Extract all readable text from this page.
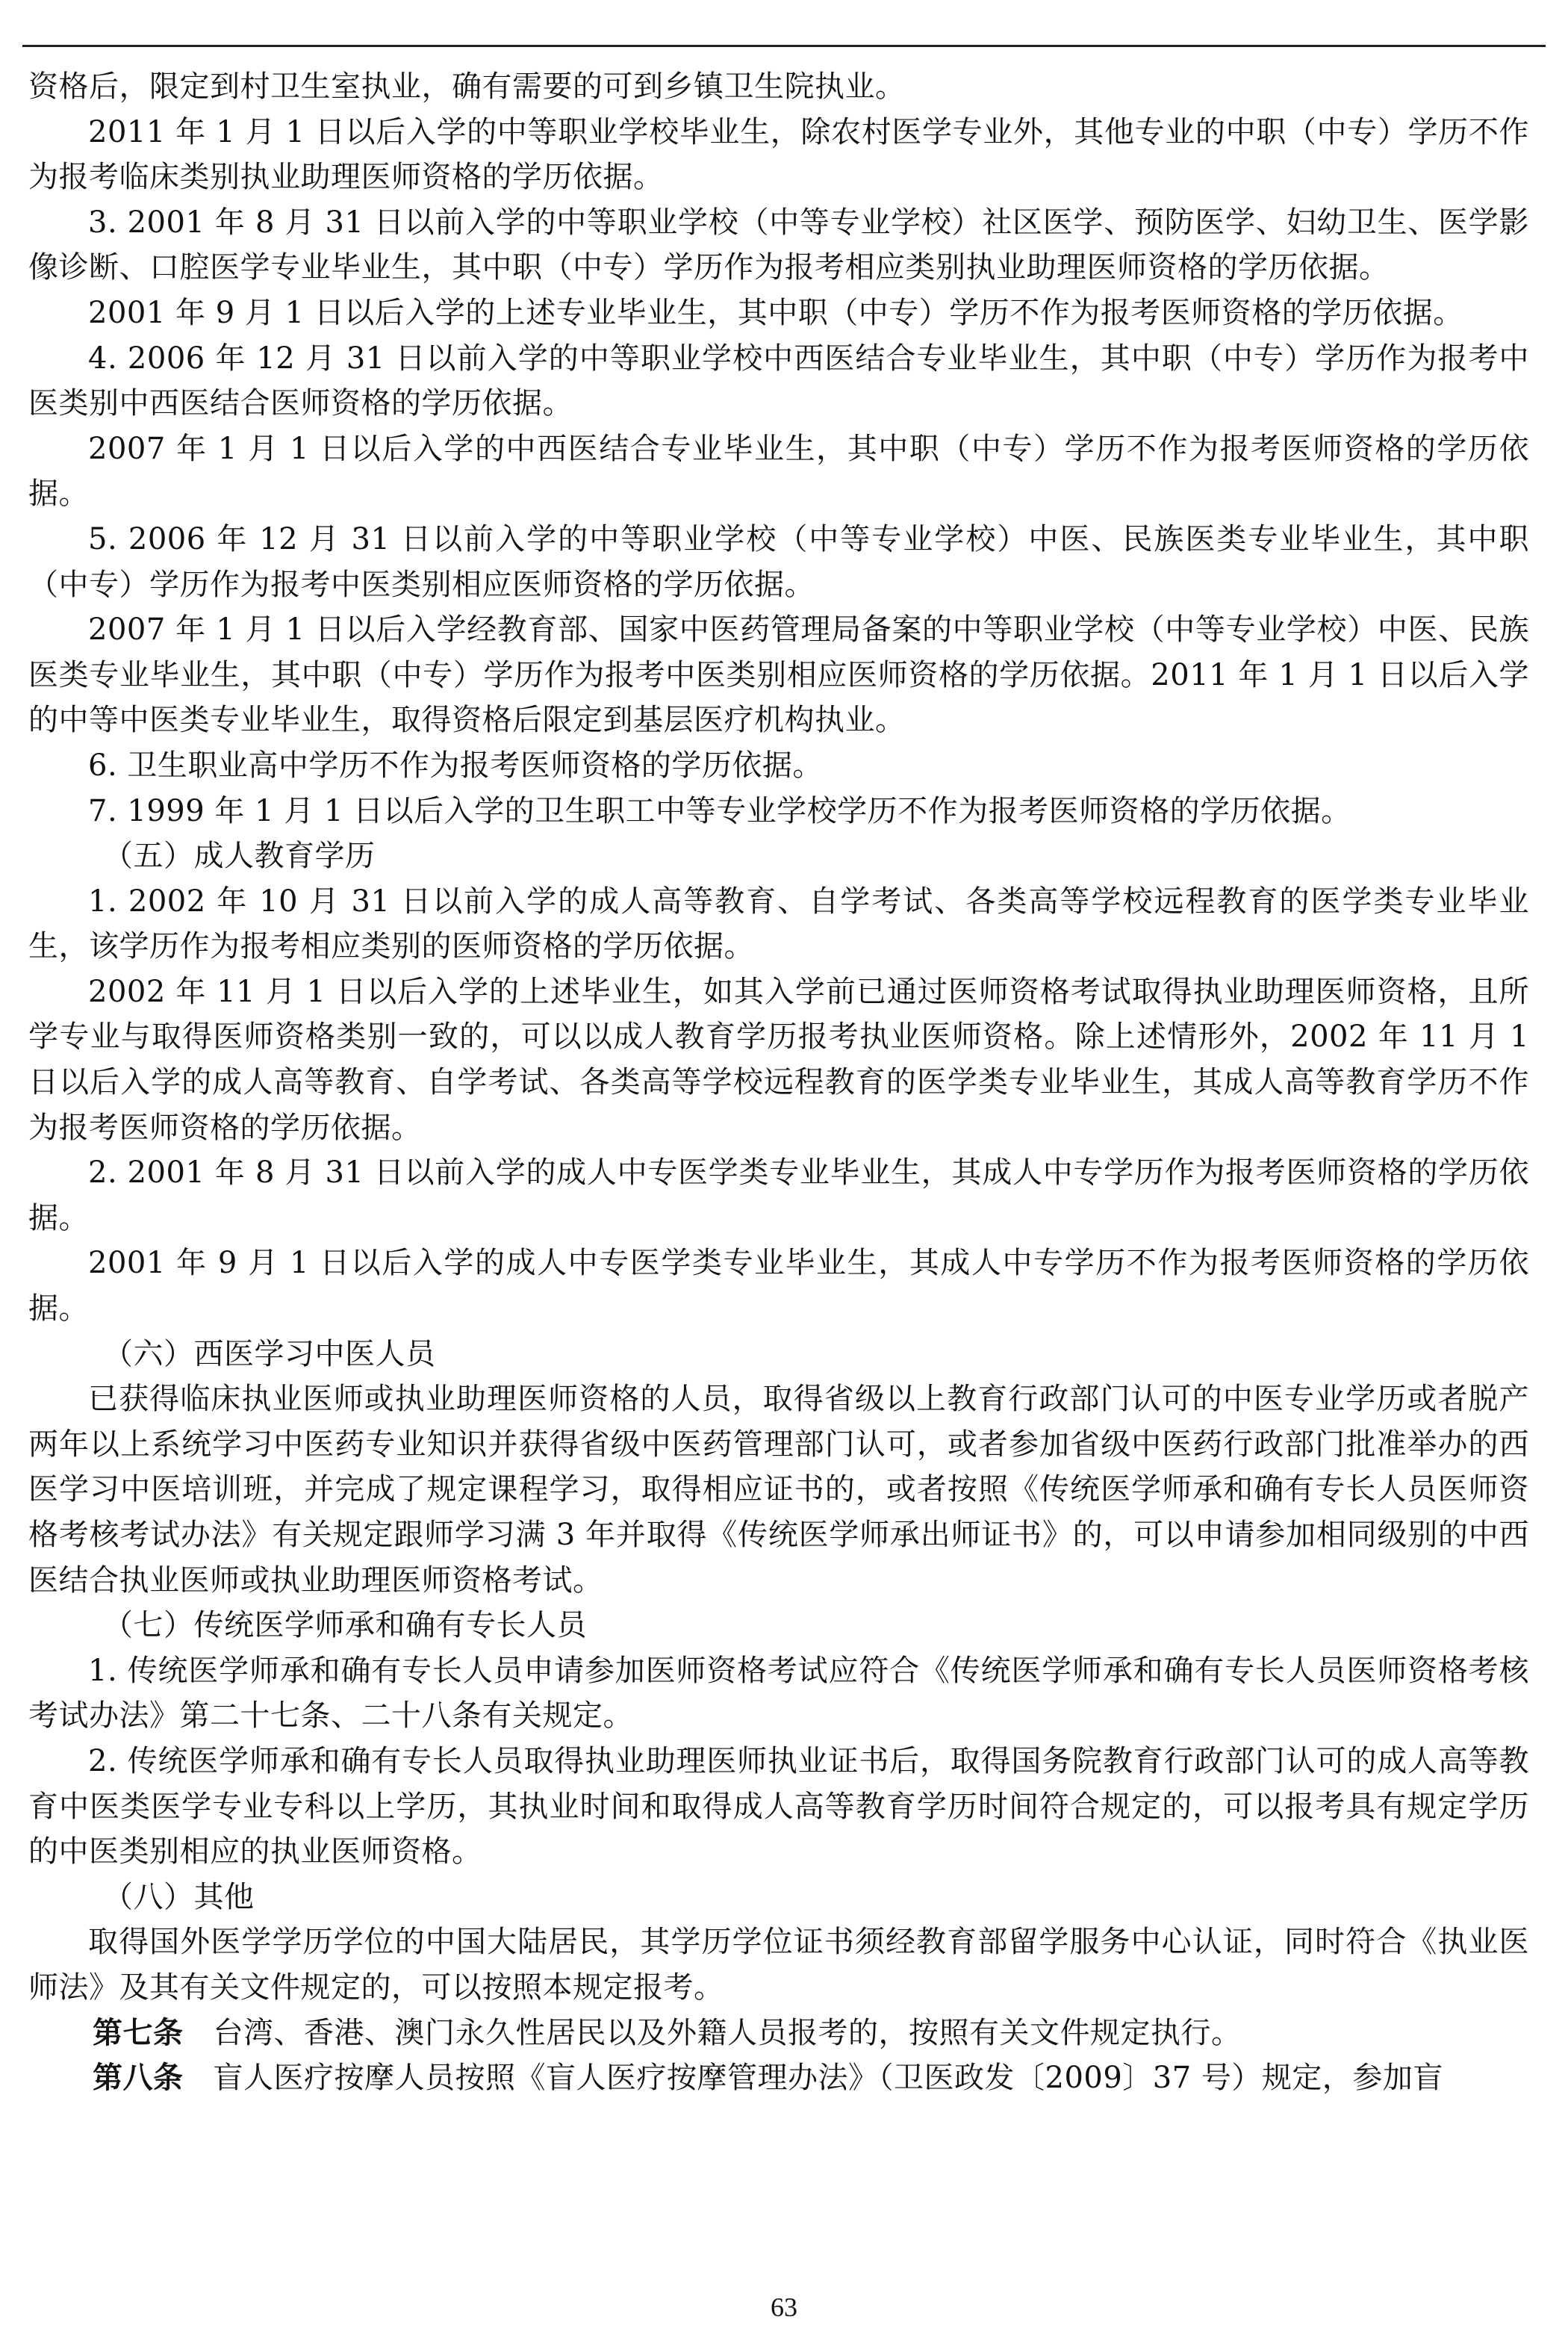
资格后，限定到村卫生室执业，确有需要的可到乡镇卫生院执业。

2011 年 1 月 1 日以后入学的中等职业学校毕业生，除农村医学专业外，其他专业的中职（中专）学历不作为报考临床类别执业助理医师资格的学历依据。

3. 2001 年 8 月 31 日以前入学的中等职业学校（中等专业学校）社区医学、预防医学、妇幼卫生、医学影像诊断、口腔医学专业毕业生，其中职（中专）学历作为报考相应类别执业助理医师资格的学历依据。

2001 年 9 月 1 日以后入学的上述专业毕业生，其中职（中专）学历不作为报考医师资格的学历依据。

4. 2006 年 12 月 31 日以前入学的中等职业学校中西医结合专业毕业生，其中职（中专）学历作为报考中医类别中西医结合医师资格的学历依据。

2007 年 1 月 1 日以后入学的中西医结合专业毕业生，其中职（中专）学历不作为报考医师资格的学历依据。

5. 2006 年 12 月 31 日以前入学的中等职业学校（中等专业学校）中医、民族医类专业毕业生，其中职（中专）学历作为报考中医类别相应医师资格的学历依据。

2007 年 1 月 1 日以后入学经教育部、国家中医药管理局备案的中等职业学校（中等专业学校）中医、民族医类专业毕业生，其中职（中专）学历作为报考中医类别相应医师资格的学历依据。2011 年 1 月 1 日以后入学的中等中医类专业毕业生，取得资格后限定到基层医疗机构执业。

6. 卫生职业高中学历不作为报考医师资格的学历依据。

7. 1999 年 1 月 1 日以后入学的卫生职工中等专业学校学历不作为报考医师资格的学历依据。

（五）成人教育学历

1. 2002 年 10 月 31 日以前入学的成人高等教育、自学考试、各类高等学校远程教育的医学类专业毕业生，该学历作为报考相应类别的医师资格的学历依据。

2002 年 11 月 1 日以后入学的上述毕业生，如其入学前已通过医师资格考试取得执业助理医师资格，且所学专业与取得医师资格类别一致的，可以以成人教育学历报考执业医师资格。除上述情形外，2002 年 11 月 1 日以后入学的成人高等教育、自学考试、各类高等学校远程教育的医学类专业毕业生，其成人高等教育学历不作为报考医师资格的学历依据。

2. 2001 年 8 月 31 日以前入学的成人中专医学类专业毕业生，其成人中专学历作为报考医师资格的学历依据。

2001 年 9 月 1 日以后入学的成人中专医学类专业毕业生，其成人中专学历不作为报考医师资格的学历依据。

（六）西医学习中医人员

已获得临床执业医师或执业助理医师资格的人员，取得省级以上教育行政部门认可的中医专业学历或者脱产两年以上系统学习中医药专业知识并获得省级中医药管理部门认可，或者参加省级中医药行政部门批准举办的西医学习中医培训班，并完成了规定课程学习，取得相应证书的，或者按照《传统医学师承和确有专长人员医师资格考核考试办法》有关规定跟师学习满 3 年并取得《传统医学师承出师证书》的，可以申请参加相同级别的中西医结合执业医师或执业助理医师资格考试。

（七）传统医学师承和确有专长人员

1. 传统医学师承和确有专长人员申请参加医师资格考试应符合《传统医学师承和确有专长人员医师资格考核考试办法》第二十七条、二十八条有关规定。

2. 传统医学师承和确有专长人员取得执业助理医师执业证书后，取得国务院教育行政部门认可的成人高等教育中医类医学专业专科以上学历，其执业时间和取得成人高等教育学历时间符合规定的，可以报考具有规定学历的中医类别相应的执业医师资格。

（八）其他

取得国外医学学历学位的中国大陆居民，其学历学位证书须经教育部留学服务中心认证，同时符合《执业医师法》及其有关文件规定的，可以按照本规定报考。

第七条 台湾、香港、澳门永久性居民以及外籍人员报考的，按照有关文件规定执行。

第八条 盲人医疗按摩人员按照《盲人医疗按摩管理办法》（卫医政发〔2009〕37 号）规定，参加盲

63
